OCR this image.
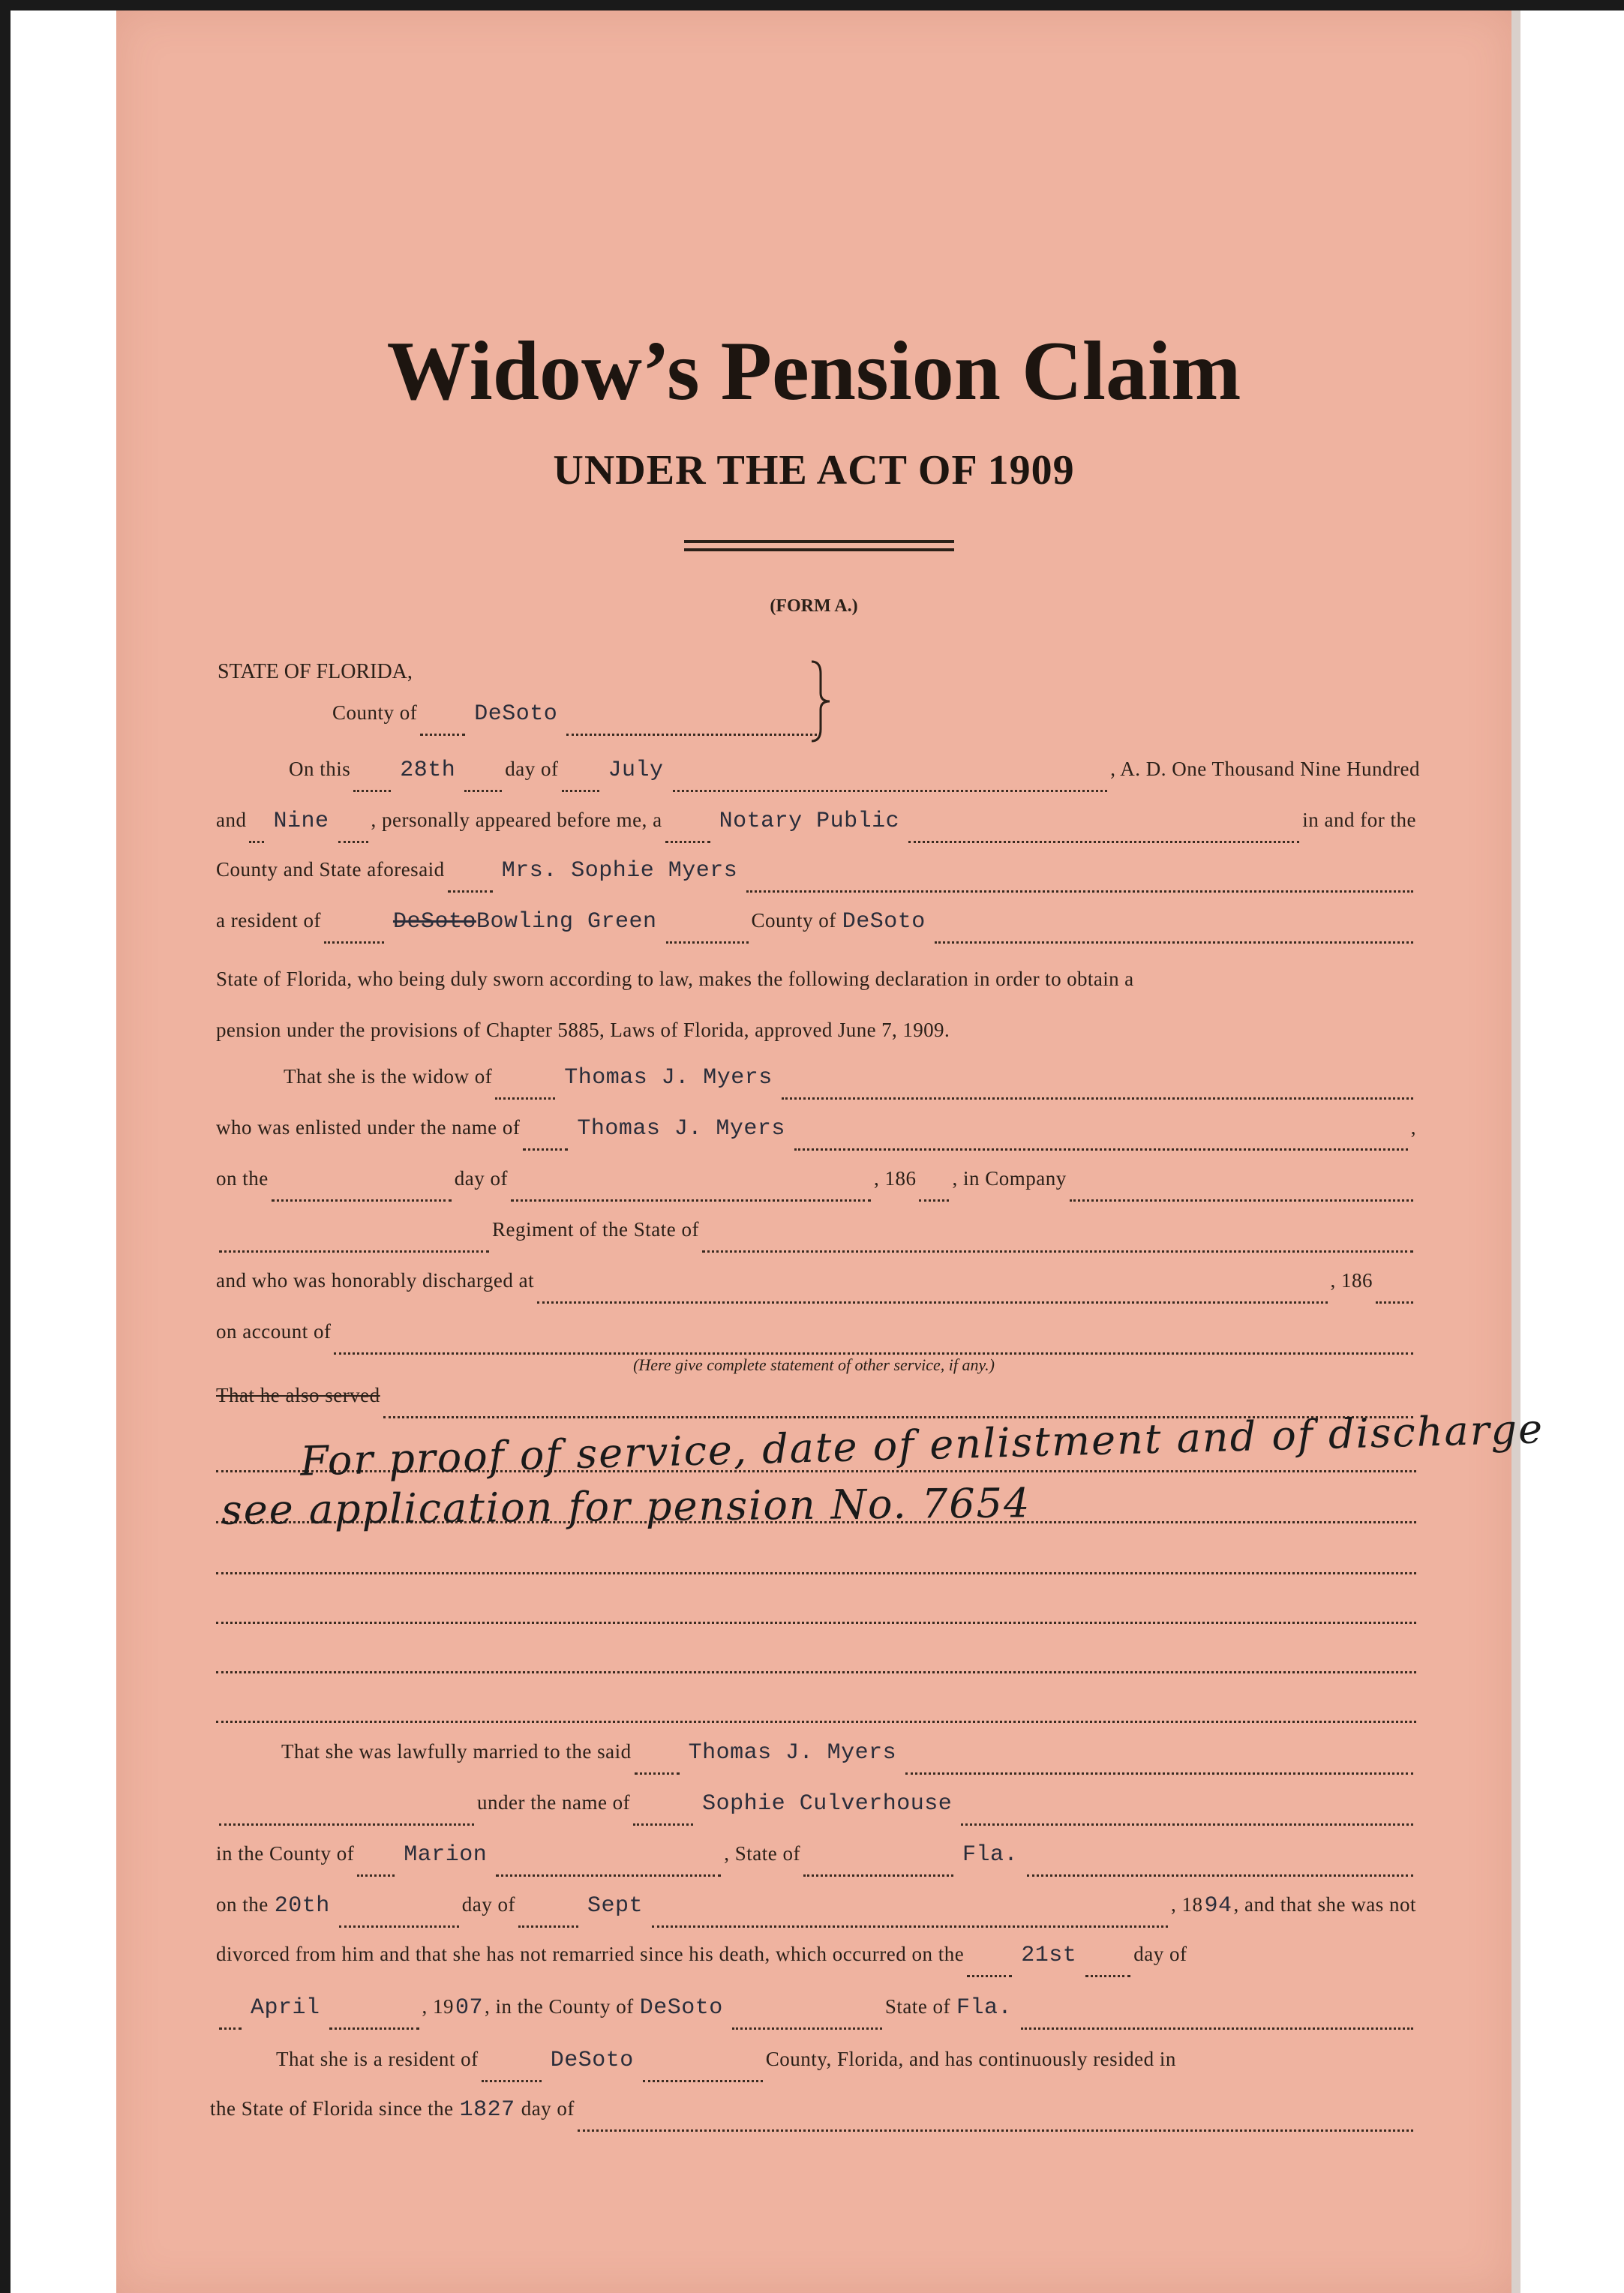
Widow’s Pension Claim
UNDER THE ACT OF 1909
(FORM A.)
STATE OF FLORIDA,
County of	DeSoto
On this 28th day of July	, A. D. One Thousand Nine Hundred
and Nine , personally appeared before me, a	Notary Public	in and for the
County and State aforesaid	Mrs. Sophie Myers
a resident of	DeSoto Bowling Green	County of DeSoto
State of Florida, who being duly sworn according to law, makes the following declaration in order to obtain a
pension under the provisions of Chapter 5885, Laws of Florida, approved June 7, 1909.
That she is the widow of	Thomas J. Myers
who was enlisted under the name of	Thomas J. Myers	,
on the	day of	, 186 , in Company
Regiment of the State of
and who was honorably discharged at	, 186
on account of
(Here give complete statement of other service, if any.)
That he also served
For proof of service, date of enlistment and of discharge
see application for pension No. 7654
That she was lawfully married to the said	Thomas J. Myers
under the name of	Sophie Culverhouse
in the County of Marion	, State of	Fla.
on the 20th	day of	Sept	, 18 94 , and that she was not
divorced from him and that she has not remarried since his death, which occurred on the	21st	day of
April	, 19 07 , in the County of DeSoto	State of Fla.
That she is a resident of	DeSoto	County, Florida, and has continuously resided in
the State of Florida since the 1827 day of
